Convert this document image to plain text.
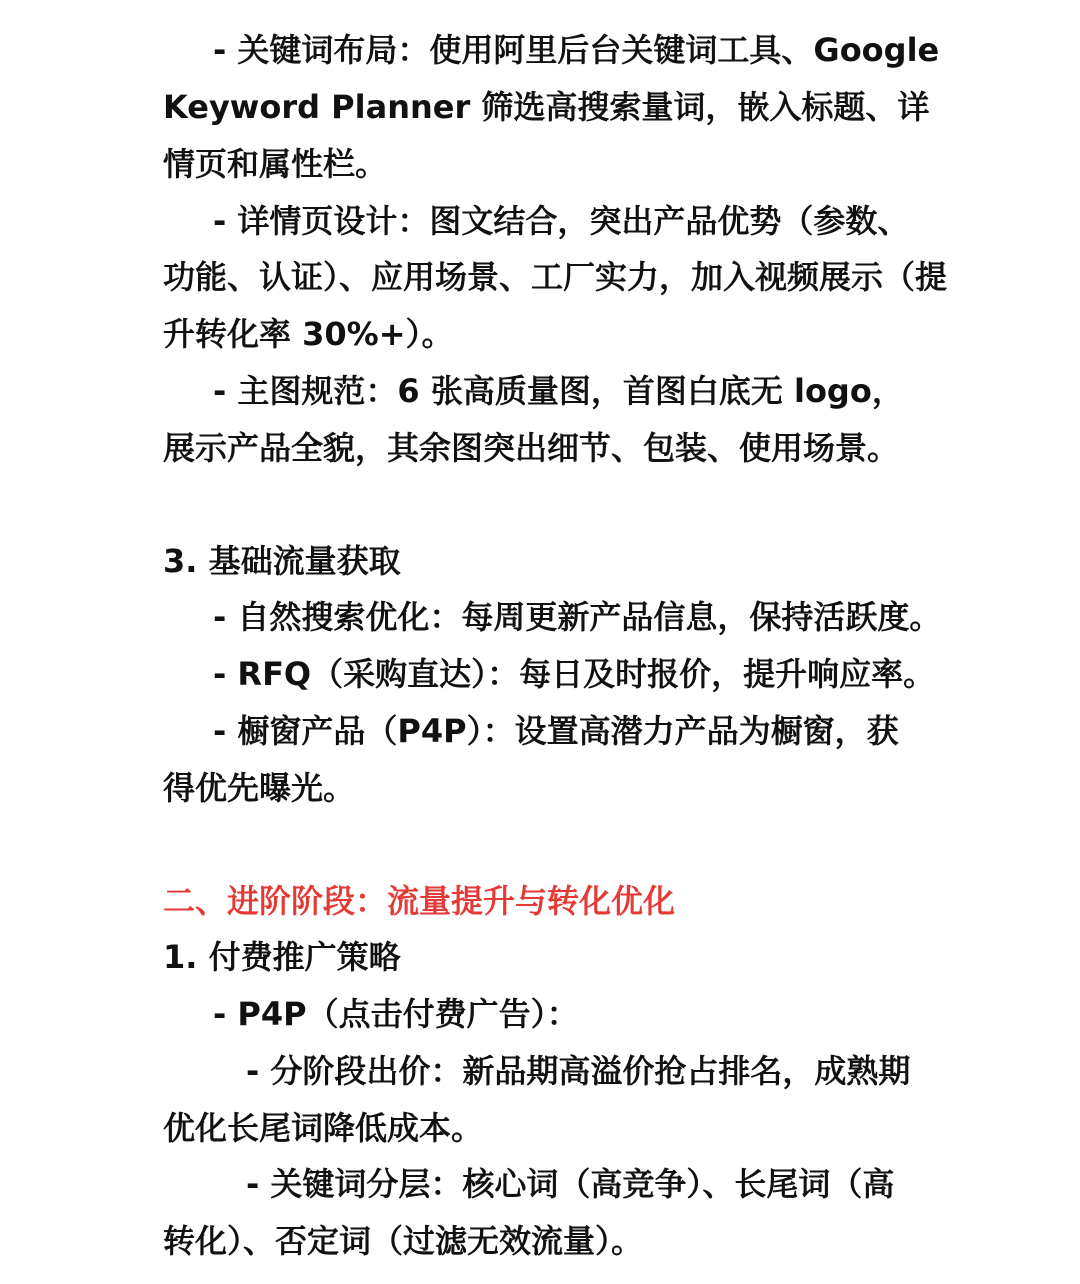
- 关键词布局：使用阿里后台关键词工具、Google
Keyword Planner 筛选高搜索量词，嵌入标题、详
情页和属性栏。
- 详情页设计：图文结合，突出产品优势（参数、
功能、认证）、应用场景、工厂实力，加入视频展示（提
升转化率 30%+）。
- 主图规范：6 张高质量图，首图白底无 logo，
展示产品全貌，其余图突出细节、包装、使用场景。
3. 基础流量获取
- 自然搜索优化：每周更新产品信息，保持活跃度。
- RFQ（采购直达）：每日及时报价，提升响应率。
- 橱窗产品（P4P）：设置高潜力产品为橱窗，获
得优先曝光。
二、进阶阶段：流量提升与转化优化
1. 付费推广策略
- P4P（点击付费广告）：
- 分阶段出价：新品期高溢价抢占排名，成熟期
优化长尾词降低成本。
- 关键词分层：核心词（高竞争）、长尾词（高
转化）、否定词（过滤无效流量）。
